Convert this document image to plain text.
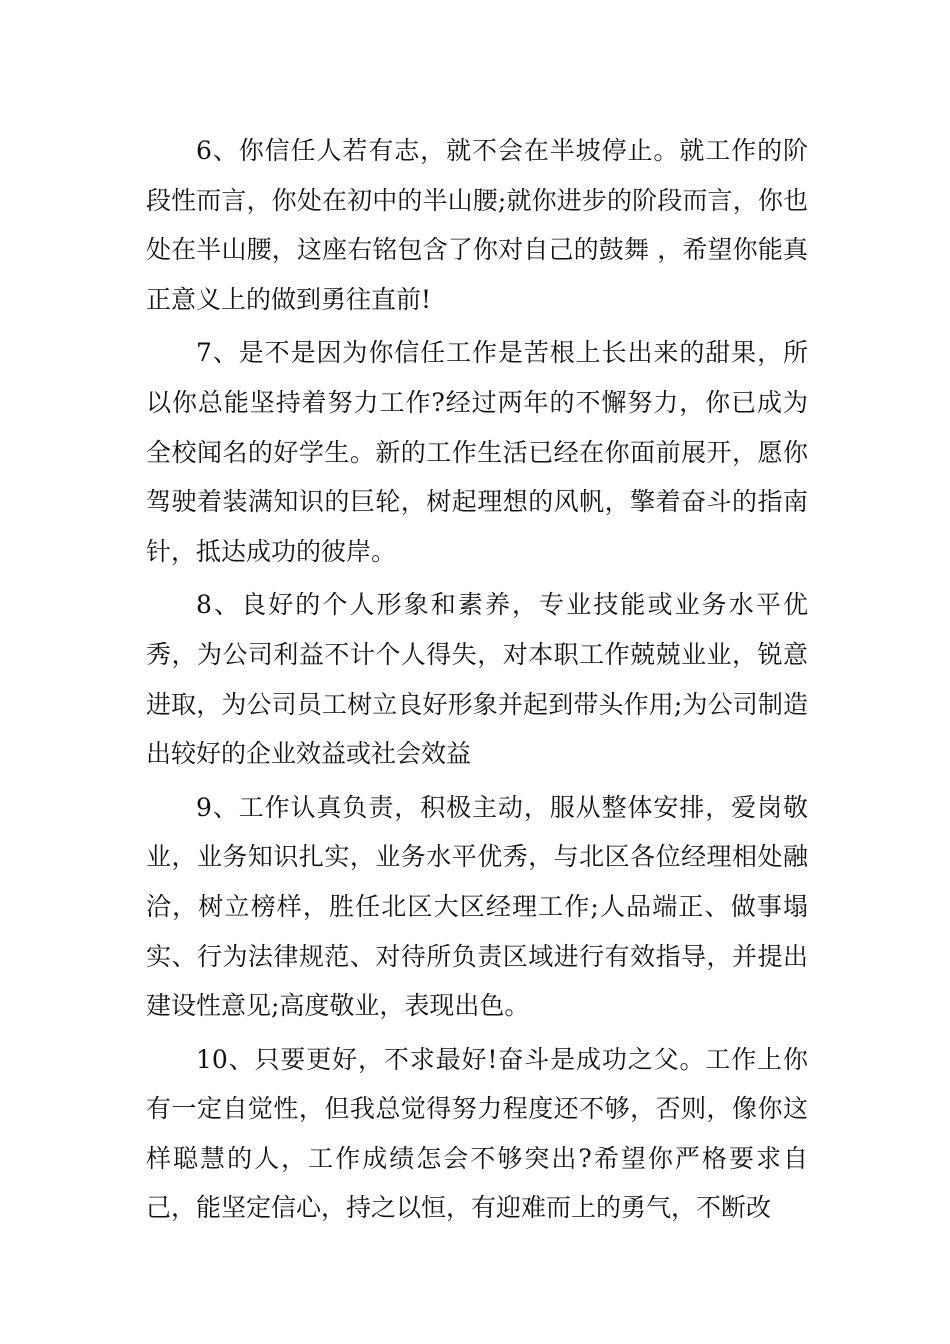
6、你信任人若有志，就不会在半坡停止。就工作的阶段性而言，你处在初中的半山腰;就你进步的阶段而言，你也处在半山腰，这座右铭包含了你对自己的鼓舞 ，希望你能真正意义上的做到勇往直前!

7、是不是因为你信任工作是苦根上长出来的甜果，所以你总能坚持着努力工作?经过两年的不懈努力，你已成为全校闻名的好学生。新的工作生活已经在你面前展开，愿你驾驶着装满知识的巨轮，树起理想的风帆，擎着奋斗的指南针，抵达成功的彼岸。

8、良好的个人形象和素养，专业技能或业务水平优秀，为公司利益不计个人得失，对本职工作兢兢业业，锐意进取，为公司员工树立良好形象并起到带头作用;为公司制造出较好的企业效益或社会效益

9、工作认真负责，积极主动，服从整体安排，爱岗敬业，业务知识扎实，业务水平优秀，与北区各位经理相处融洽，树立榜样，胜任北区大区经理工作;人品端正、做事塌实、行为法律规范、对待所负责区域进行有效指导，并提出建设性意见;高度敬业，表现出色。

10、只要更好，不求最好!奋斗是成功之父。工作上你有一定自觉性，但我总觉得努力程度还不够，否则，像你这样聪慧的人，工作成绩怎会不够突出?希望你严格要求自己，能坚定信心，持之以恒，有迎难而上的勇气，不断改
